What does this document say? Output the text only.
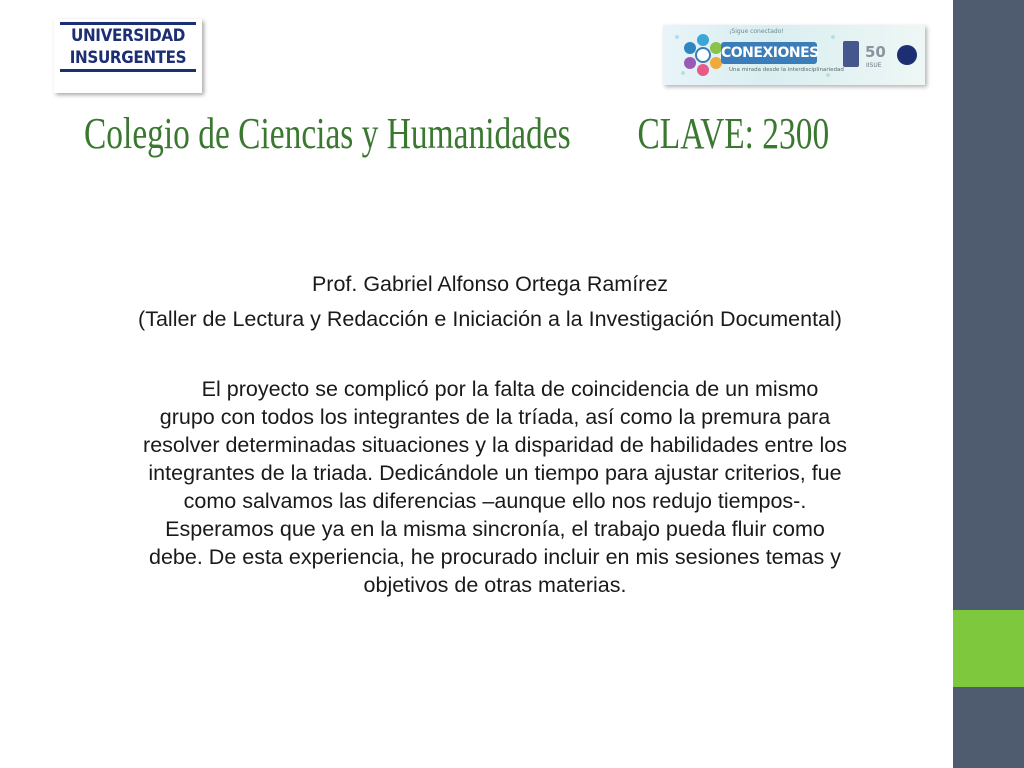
UNIVERSIDAD
INSURGENTES
¡Sigue conectado!
CONEXIONES
Una mirada desde la interdisciplinariedad
50
IISUE
Colegio de Ciencias y Humanidades        CLAVE: 2300
Prof. Gabriel Alfonso Ortega Ramírez
(Taller de Lectura y Redacción e Iniciación a la Investigación Documental)
El proyecto se complicó por la falta de coincidencia de un mismo
grupo con todos los integrantes de la tríada, así como la premura para
resolver determinadas situaciones y la disparidad de habilidades entre los
integrantes de la triada. Dedicándole un tiempo para ajustar criterios, fue
como salvamos las diferencias –aunque ello nos redujo tiempos-.
Esperamos que ya en la misma sincronía, el trabajo pueda fluir como
debe. De esta experiencia, he procurado incluir en mis sesiones temas y
objetivos de otras materias.
